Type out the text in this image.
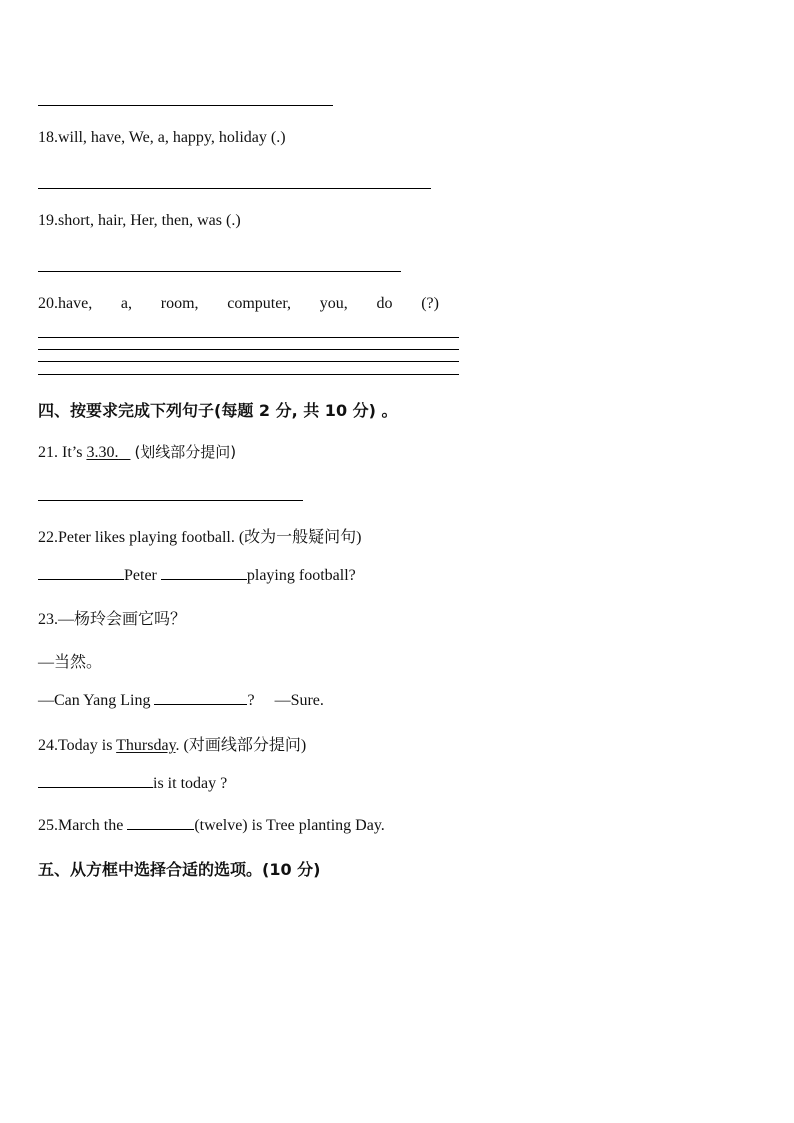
18.will, have, We, a, happy, holiday (.)
19.short, hair, Her, then, was (.)
20.have, a, room, computer, you, do (?)
四、按要求完成下列句子(每题 2 分, 共 10 分) 。
21. It’s 3.30. (划线部分提问)
22.Peter likes playing football. (改为一般疑问句)
Peter	playing football?
23.—杨玲会画它吗？
—当然。
—Can Yang Ling	? —Sure.
24.Today is Thursday. (对画线部分提问)
is it today ?
25.March the	(twelve) is Tree planting Day.
五、从方框中选择合适的选项。(10 分)
